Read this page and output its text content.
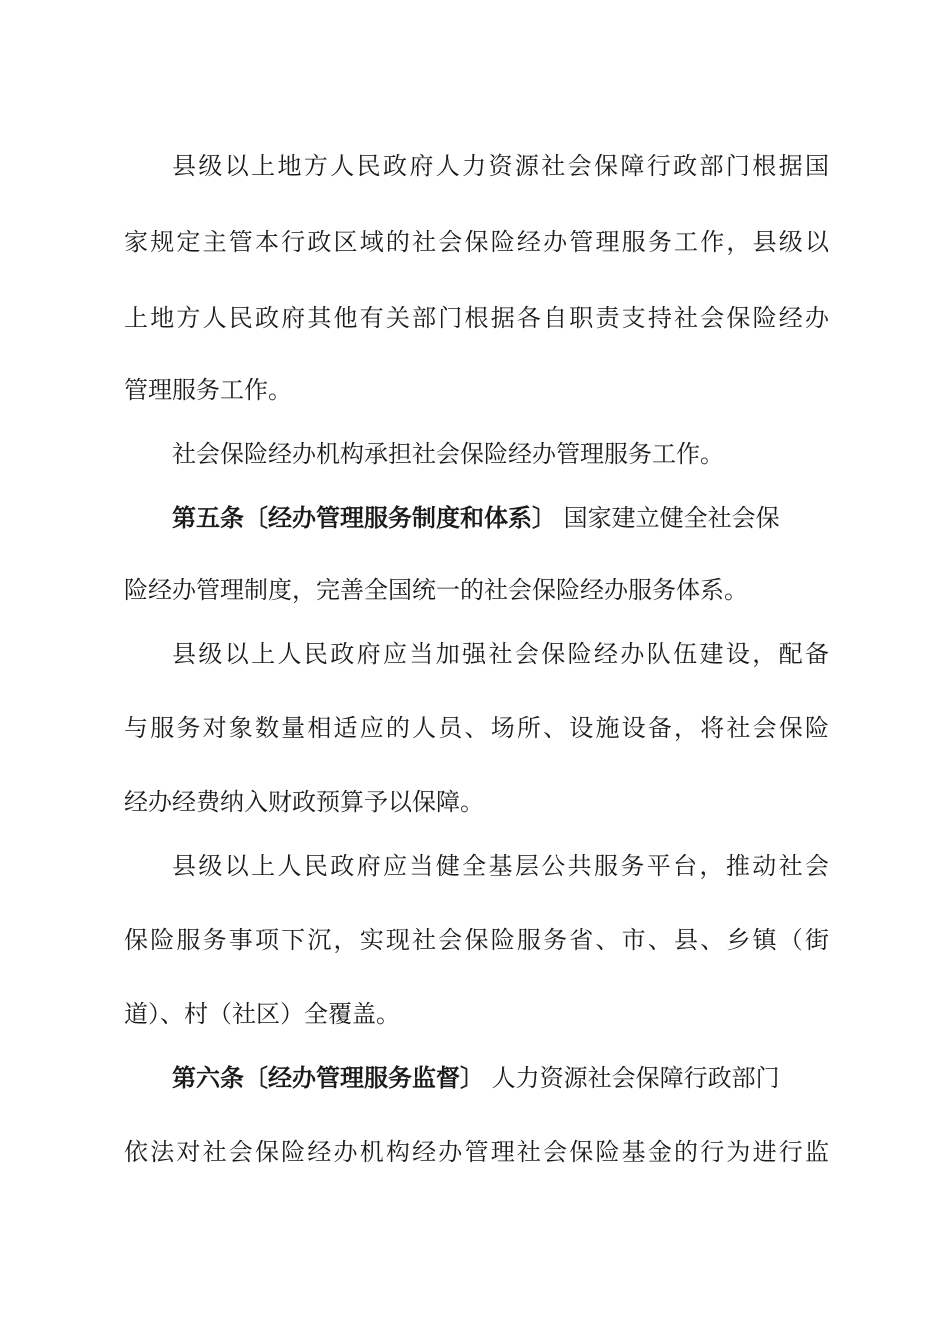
县级以上地方人民政府人力资源社会保障行政部门根据国
家规定主管本行政区域的社会保险经办管理服务工作，县级以
上地方人民政府其他有关部门根据各自职责支持社会保险经办
管理服务工作。
社会保险经办机构承担社会保险经办管理服务工作。
第五条〔经办管理服务制度和体系〕 国家建立健全社会保
险经办管理制度，完善全国统一的社会保险经办服务体系。
县级以上人民政府应当加强社会保险经办队伍建设，配备
与服务对象数量相适应的人员、场所、设施设备，将社会保险
经办经费纳入财政预算予以保障。
县级以上人民政府应当健全基层公共服务平台，推动社会
保险服务事项下沉，实现社会保险服务省、市、县、乡镇（街
道）、村（社区）全覆盖。
第六条〔经办管理服务监督〕 人力资源社会保障行政部门
依法对社会保险经办机构经办管理社会保险基金的行为进行监
